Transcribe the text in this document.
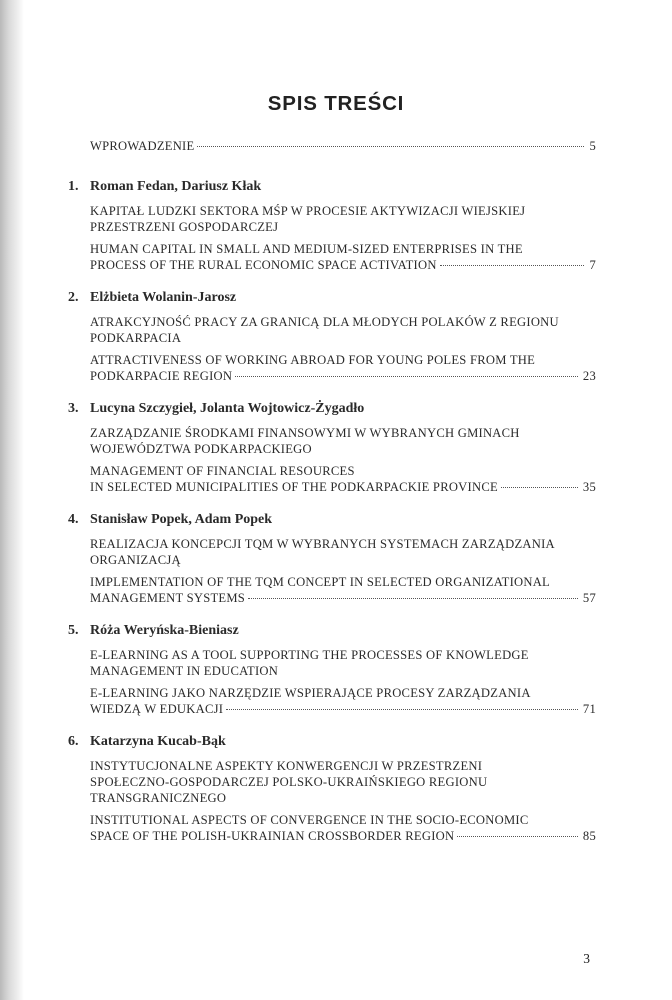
SPIS TREŚCI
WPROWADZENIE	5
1. Roman Fedan, Dariusz Kłak
KAPITAŁ LUDZKI SEKTORA MŚP W PROCESIE AKTYWIZACJI WIEJSKIEJ
PRZESTRZENI GOSPODARCZEJ
HUMAN CAPITAL IN SMALL AND MEDIUM-SIZED ENTERPRISES IN THE
PROCESS OF THE RURAL ECONOMIC SPACE ACTIVATION	7
2. Elżbieta Wolanin-Jarosz
ATRAKCYJNOŚĆ PRACY ZA GRANICĄ DLA MŁODYCH POLAKÓW Z REGIONU
PODKARPACIA
ATTRACTIVENESS OF WORKING ABROAD FOR YOUNG POLES FROM THE
PODKARPACIE REGION	23
3. Lucyna Szczygieł, Jolanta Wojtowicz-Żygadło
ZARZĄDZANIE ŚRODKAMI FINANSOWYMI W WYBRANYCH GMINACH
WOJEWÓDZTWA PODKARPACKIEGO
MANAGEMENT OF FINANCIAL RESOURCES
IN SELECTED MUNICIPALITIES OF THE PODKARPACKIE PROVINCE	35
4. Stanisław Popek, Adam Popek
REALIZACJA KONCEPCJI TQM W WYBRANYCH SYSTEMACH ZARZĄDZANIA
ORGANIZACJĄ
IMPLEMENTATION OF THE TQM CONCEPT IN SELECTED ORGANIZATIONAL
MANAGEMENT SYSTEMS	57
5. Róża Weryńska-Bieniasz
E-LEARNING AS A TOOL SUPPORTING THE PROCESSES OF KNOWLEDGE
MANAGEMENT IN EDUCATION
E-LEARNING JAKO NARZĘDZIE WSPIERAJĄCE PROCESY ZARZĄDZANIA
WIEDZĄ W EDUKACJI	71
6. Katarzyna Kucab-Bąk
INSTYTUCJONALNE ASPEKTY KONWERGENCJI W PRZESTRZENI
SPOŁECZNO-GOSPODARCZEJ POLSKO-UKRAIŃSKIEGO REGIONU
TRANSGRANICZNEGO
INSTITUTIONAL ASPECTS OF CONVERGENCE IN THE SOCIO-ECONOMIC
SPACE OF THE POLISH-UKRAINIAN CROSSBORDER REGION	85
3
